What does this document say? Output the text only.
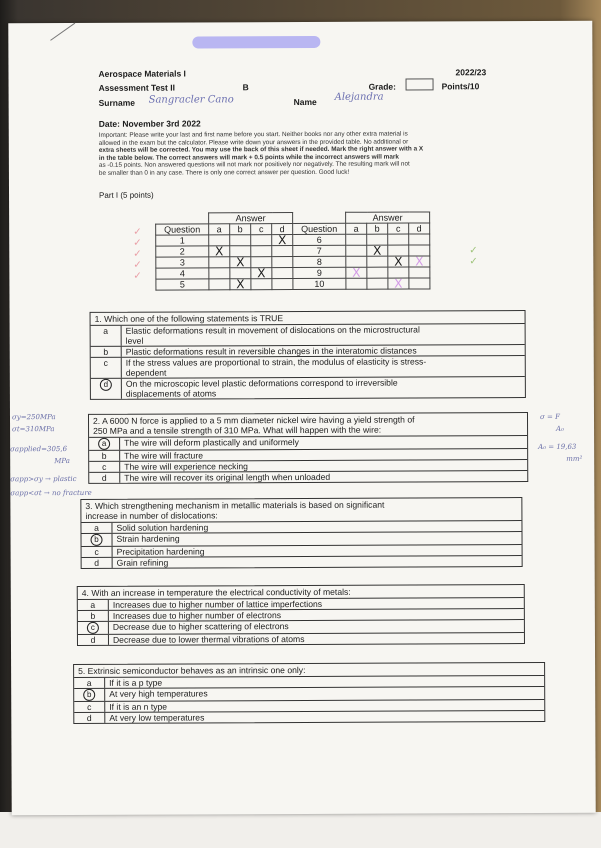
Aerospace Materials I	2022/23
Assessment Test II	B	Grade:	Points/10
Surname Sangracler Cano	Name Alejandra
Date: November 3rd 2022
Important: Please write your last and first name before you start. Neither books nor any other extra material is
allowed in the exam but the calculator. Please write down your answers in the provided table. No additional or
extra sheets will be corrected. You may use the back of this sheet if needed. Mark the right answer with a X
in the table below. The correct answers will mark + 0.5 points while the incorrect answers will mark
as -0.15 points. Non answered questions will not mark nor positively nor negatively. The resulting mark will not
be smaller than 0 in any case. There is only one correct answer per question. Good luck!
Part I (5 points)
✓
✓
✓
✓
✓
✓
✓
	Answer					Answer			
Question	a	b	c	d	Question	a	b	c	d
1				X	6				
2	X				7		X		
3		X			8			X	X
4			X		9	X			
5		X			10			X	
1. Which one of the following statements is TRUE
a	Elastic deformations result in movement of dislocations on the microstructural
level
b	Plastic deformations result in reversible changes in the interatomic distances
c	If the stress values are proportional to strain, the modulus of elasticity is stress-
dependent
d	On the microscopic level plastic deformations correspond to irreversible
displacements of atoms
2. A 6000 N force is applied to a 5 mm diameter nickel wire having a yield strength of
250 MPa and a tensile strength of 310 MPa. What will happen with the wire:
a	The wire will deform plastically and uniformely
b	The wire will fracture
c	The wire will experience necking
d	The wire will recover its original length when unloaded
σy=250MPa
σt=310MPa
σapplied=305,6
MPa
σapp>σy → plastic
σapp<σt → no fracture
σ = F
A₀
A₀ = 19,63
mm²
3. Which strengthening mechanism in metallic materials is based on significant
increase in number of dislocations:
a	Solid solution hardening
b	Strain hardening
c	Precipitation hardening
d	Grain refining
4. With an increase in temperature the electrical conductivity of metals:
a	Increases due to higher number of lattice imperfections
b	Increases due to higher number of electrons
c	Decrease due to higher scattering of electrons
d	Decrease due to lower thermal vibrations of atoms
5. Extrinsic semiconductor behaves as an intrinsic one only:
a	If it is a p type
b	At very high temperatures
c	If it is an n type
d	At very low temperatures
